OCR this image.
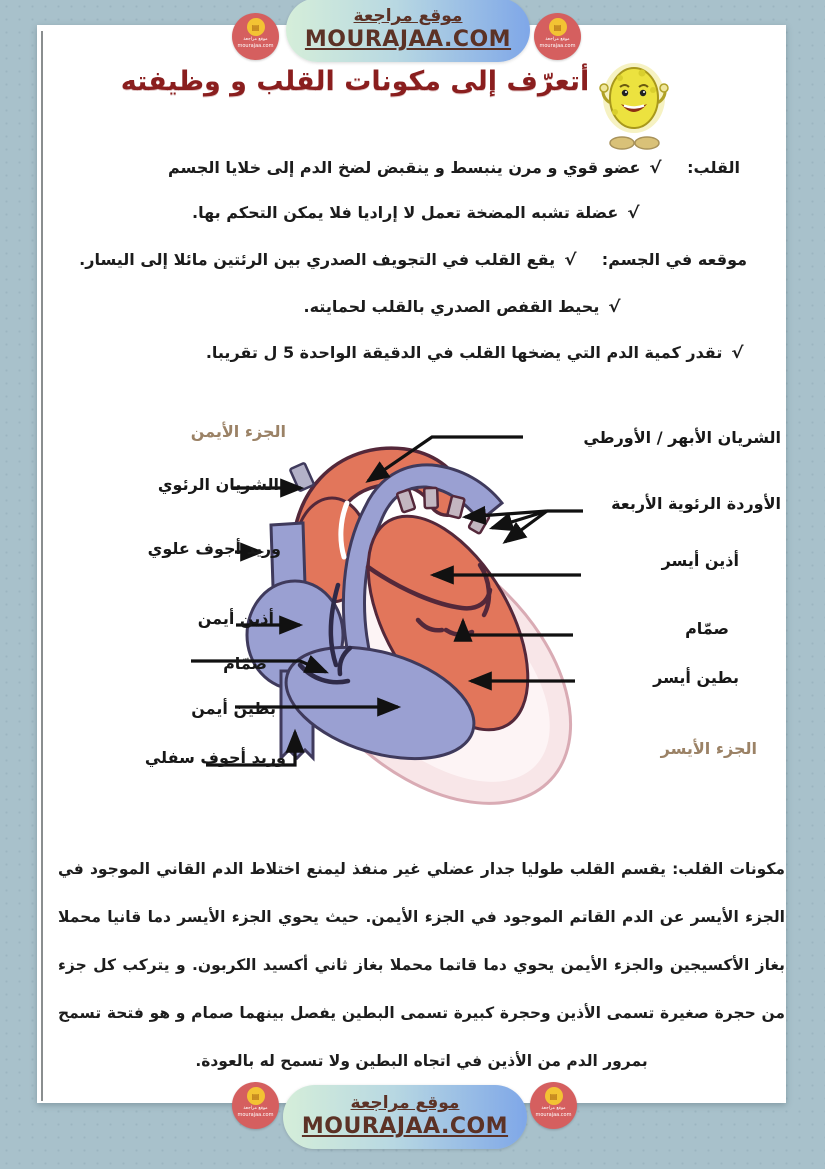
موقع مراجعة
MOURAJAA.COM
▤
موقع مراجعة
mourajaa.com
▤
موقع مراجعة
mourajaa.com
أتعرّف إلى مكونات القلب و وظيفته
القلب:
√
عضو قوي و مرن ينبسط و ينقبض لضخ الدم إلى خلايا الجسم
√
عضلة تشبه المضخة تعمل لا إراديا فلا يمكن التحكم بها.
موقعه في الجسم:
√
يقع القلب في التجويف الصدري بين الرئتين مائلا إلى اليسار.
√
يحيط القفص الصدري بالقلب لحمايته.
√
تقدر كمية الدم التي يضخها القلب في الدقيقة الواحدة 5 ل تقريبا.
الجزء الأيمن
الشريان الرئوي
وريد أجوف علوي
أذين أيمن
صمّام
بطين أيمن
وريد أجوف سفلي
الشريان الأبهر / الأورطي
الأوردة الرئوية الأربعة
أذين أيسر
صمّام
بطين أيسر
الجزء الأيسر
مكونات القلب: يقسم القلب طوليا جدار عضلي غير منفذ ليمنع اختلاط الدم القاني الموجود في الجزء الأيسر عن الدم القاتم الموجود في الجزء الأيمن. حيث يحوي الجزء الأيسر دما قانيا محملا بغاز الأكسيجين والجزء الأيمن يحوي دما قاتما محملا بغاز ثاني أكسيد الكربون. و يتركب كل جزء من حجرة صغيرة تسمى الأذين وحجرة كبيرة تسمى البطين يفصل بينهما صمام و هو فتحة تسمح بمرور الدم من الأذين في اتجاه البطين ولا تسمح له بالعودة.
موقع مراجعة
MOURAJAA.COM
▤
موقع مراجعة
mourajaa.com
▤
موقع مراجعة
mourajaa.com
